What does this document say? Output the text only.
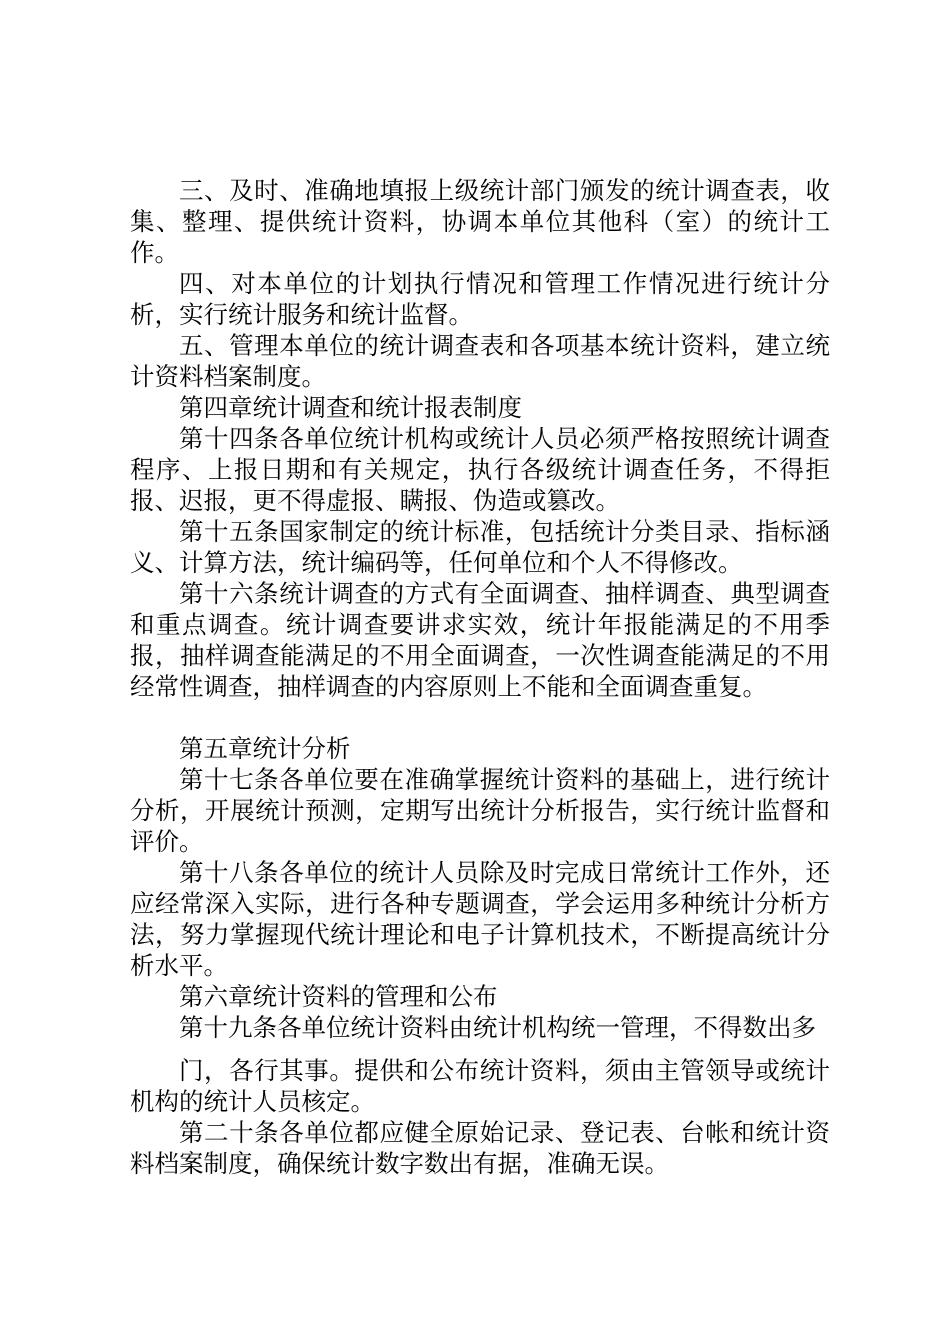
三、及时、准确地填报上级统计部门颁发的统计调查表，收集、整理、提供统计资料，协调本单位其他科（室）的统计工作。

四、对本单位的计划执行情况和管理工作情况进行统计分析，实行统计服务和统计监督。

五、管理本单位的统计调查表和各项基本统计资料，建立统计资料档案制度。

第四章统计调查和统计报表制度

第十四条各单位统计机构或统计人员必须严格按照统计调查程序、上报日期和有关规定，执行各级统计调查任务，不得拒报、迟报，更不得虚报、瞒报、伪造或篡改。

第十五条国家制定的统计标准，包括统计分类目录、指标涵义、计算方法，统计编码等，任何单位和个人不得修改。

第十六条统计调查的方式有全面调查、抽样调查、典型调查和重点调查。统计调查要讲求实效，统计年报能满足的不用季报，抽样调查能满足的不用全面调查，一次性调查能满足的不用经常性调查，抽样调查的内容原则上不能和全面调查重复。

第五章统计分析

第十七条各单位要在准确掌握统计资料的基础上，进行统计分析，开展统计预测，定期写出统计分析报告，实行统计监督和评价。

第十八条各单位的统计人员除及时完成日常统计工作外，还应经常深入实际，进行各种专题调查，学会运用多种统计分析方法，努力掌握现代统计理论和电子计算机技术，不断提高统计分析水平。

第六章统计资料的管理和公布

第十九条各单位统计资料由统计机构统一管理，不得数出多

门，各行其事。提供和公布统计资料，须由主管领导或统计机构的统计人员核定。

第二十条各单位都应健全原始记录、登记表、台帐和统计资料档案制度，确保统计数字数出有据，准确无误。
